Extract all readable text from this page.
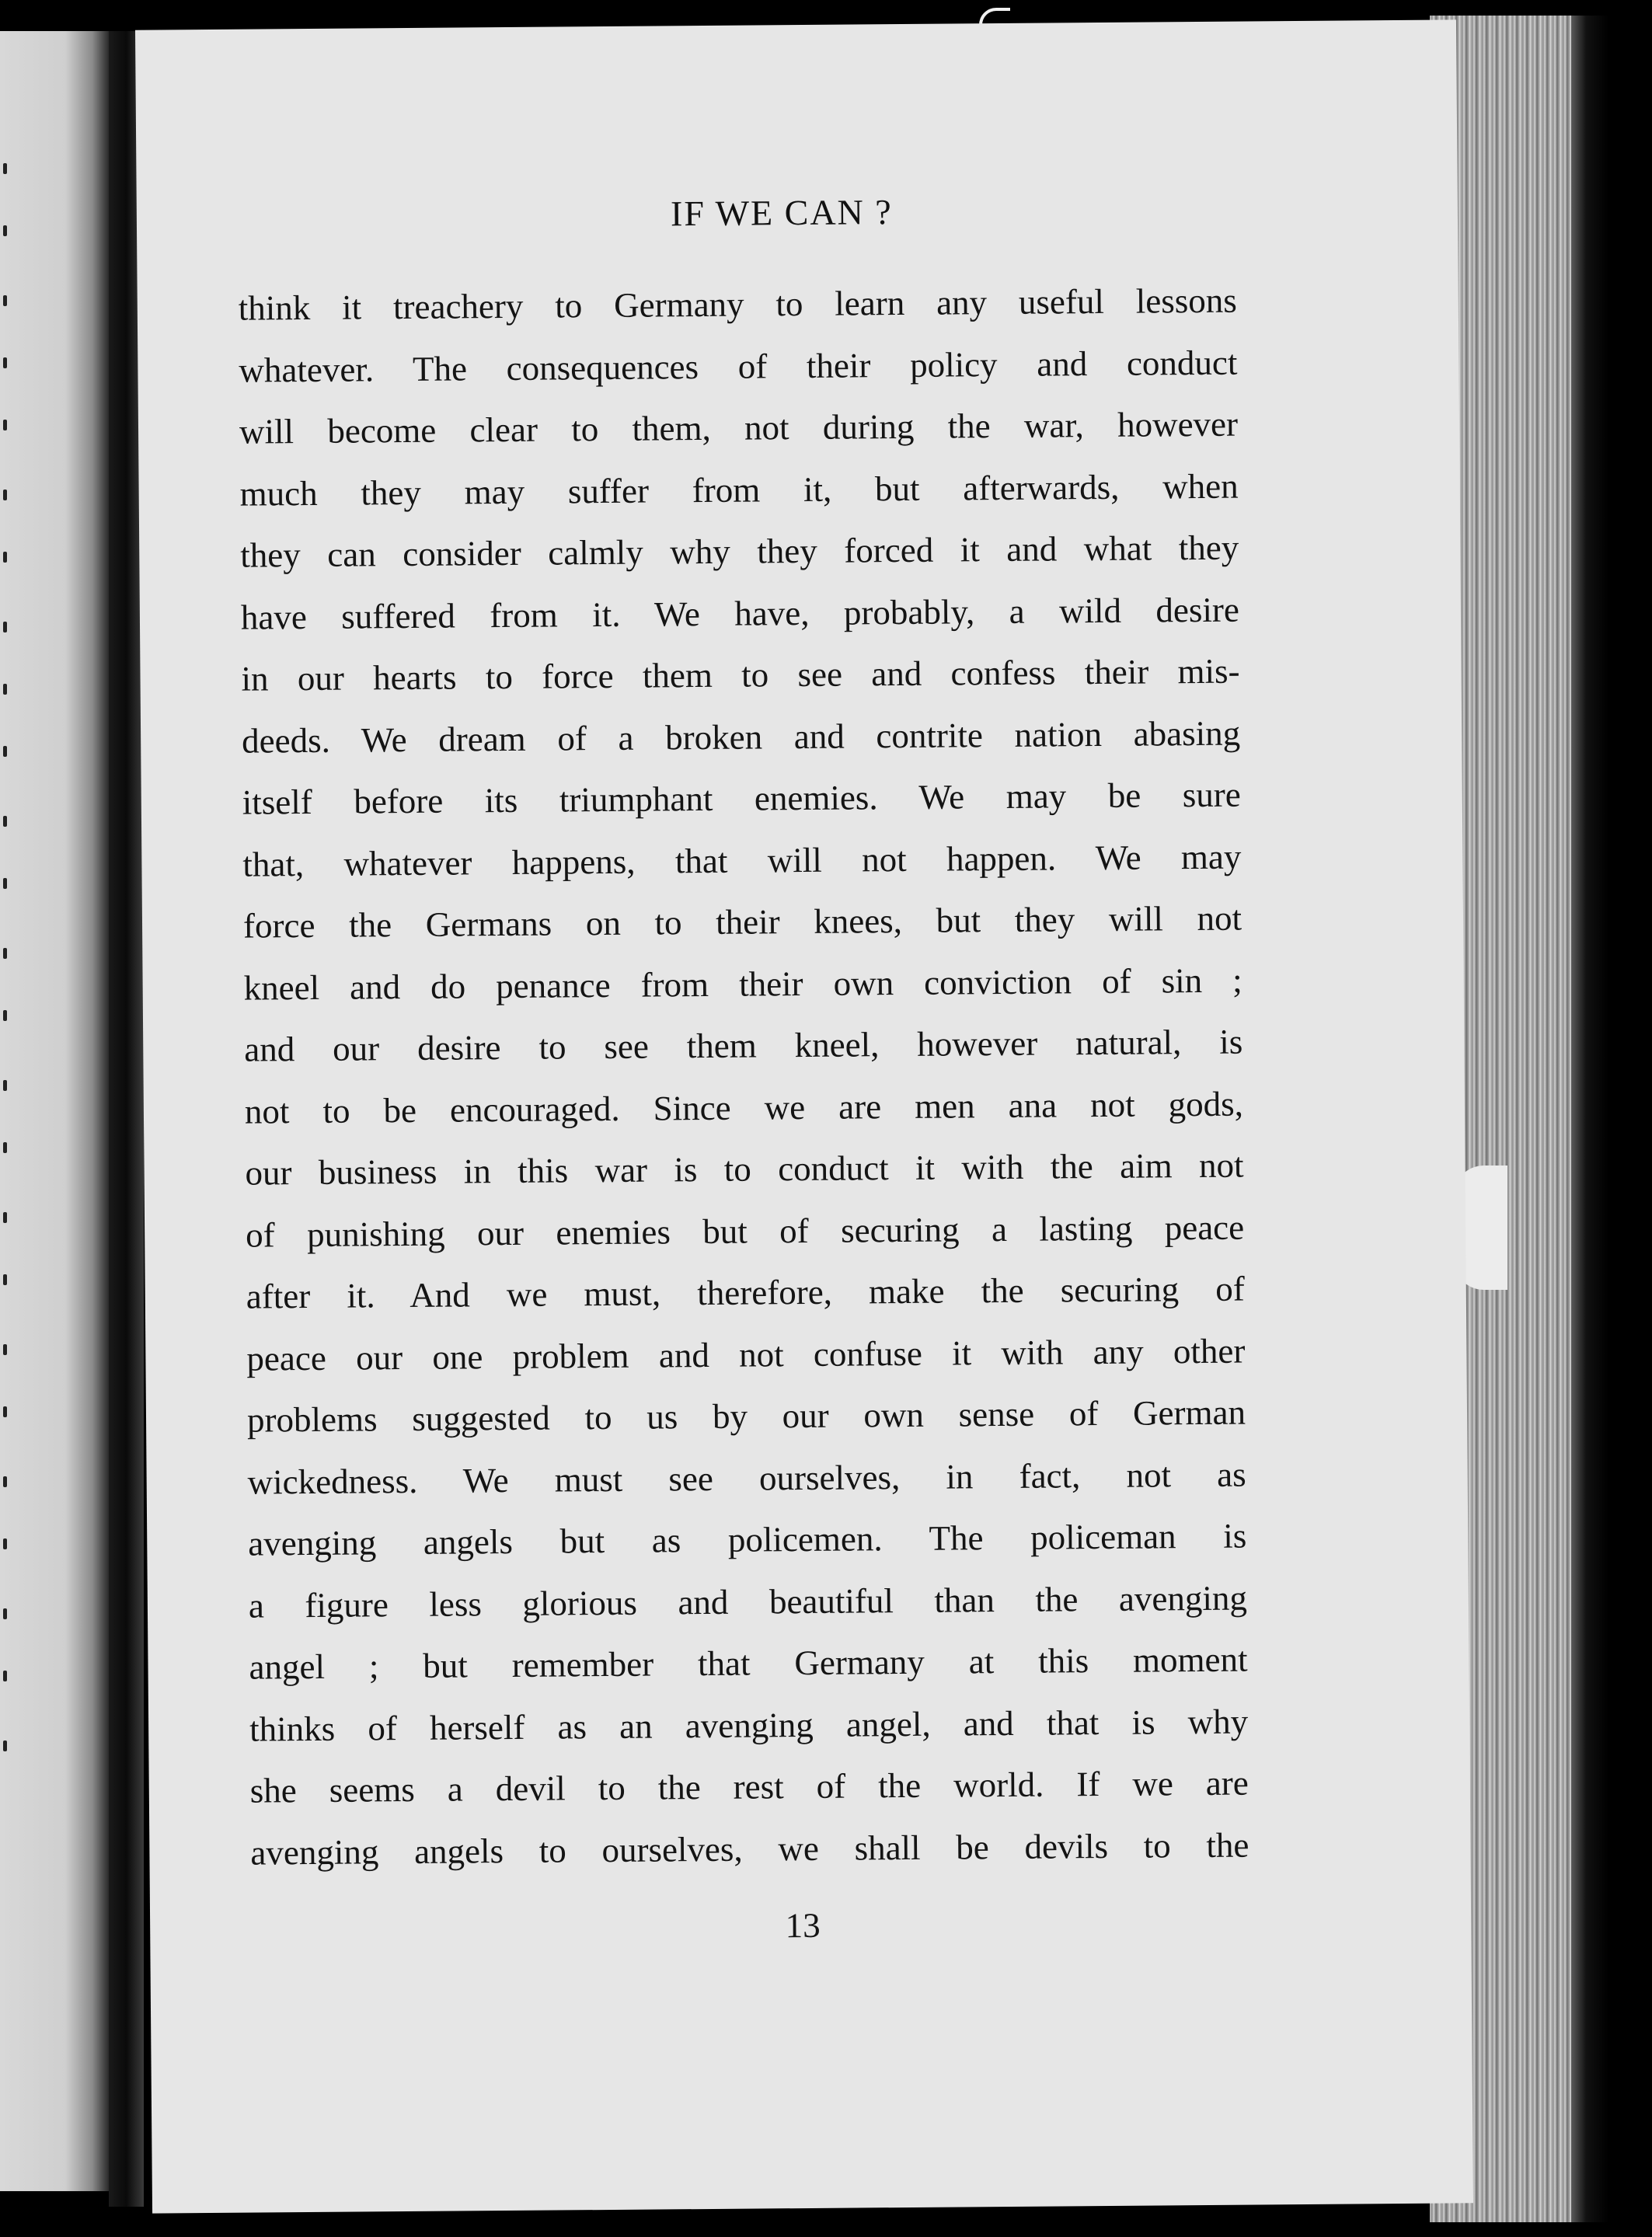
IF WE CAN ?
think it treachery to Germany to learn any useful lessons
whatever. The consequences of their policy and conduct
will become clear to them, not during the war, however
much they may suffer from it, but afterwards, when
they can consider calmly why they forced it and what they
have suffered from it. We have, probably, a wild desire
in our hearts to force them to see and confess their mis-
deeds. We dream of a broken and contrite nation abasing
itself before its triumphant enemies. We may be sure
that, whatever happens, that will not happen. We may
force the Germans on to their knees, but they will not
kneel and do penance from their own conviction of sin ;
and our desire to see them kneel, however natural, is
not to be encouraged. Since we are men ana not gods,
our business in this war is to conduct it with the aim not
of punishing our enemies but of securing a lasting peace
after it. And we must, therefore, make the securing of
peace our one problem and not confuse it with any other
problems suggested to us by our own sense of German
wickedness. We must see ourselves, in fact, not as
avenging angels but as policemen. The policeman is
a figure less glorious and beautiful than the avenging
angel ; but remember that Germany at this moment
thinks of herself as an avenging angel, and that is why
she seems a devil to the rest of the world. If we are
avenging angels to ourselves, we shall be devils to the
13
